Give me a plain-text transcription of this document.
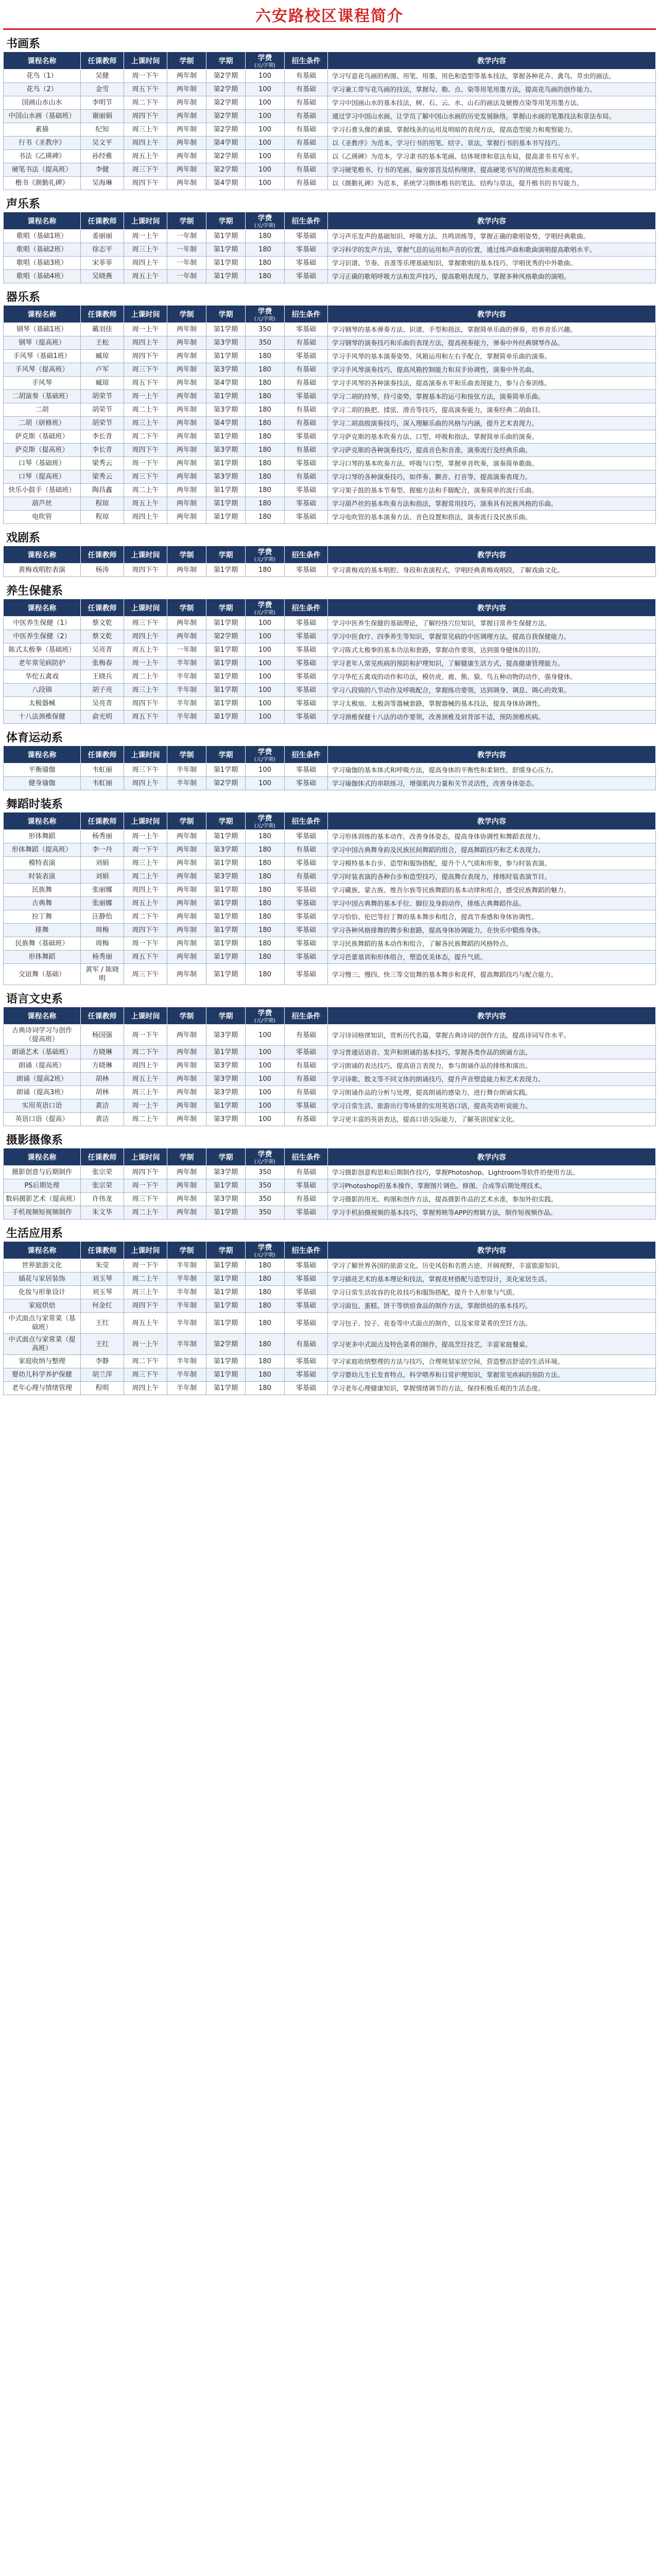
六安路校区课程简介
书画系
课程名称	任课教师	上课时间	学制	学期	学费
(元/学期)	招生条件	教学内容
花鸟（1）	吴健	周一下午	两年制	第2学期	100	有基础	学习写意花鸟画的构图、用笔、用墨、用色和造型等基本技法，掌握各种花卉、禽鸟、草虫的画法。
花鸟（2）	金雪	周五下午	两年制	第2学期	100	有基础	学习兼工带写花鸟画的技法，掌握勾、勒、点、染等用笔用墨方法，提高花鸟画的创作能力。
国画山水山水	李明节	周二下午	两年制	第2学期	100	有基础	学习中国画山水的基本技法，树、石、云、水、山石的画法及皴擦点染等用笔用墨方法。
中国山水画（基础班）	谢丽娟	周四下午	两年制	第2学期	100	有基础	通过学习中国山水画，让学员了解中国山水画的历史发展脉络，掌握山水画的笔墨技法和章法布局。
素描	纪知	周三上午	两年制	第2学期	100	有基础	学习石膏头像的素描，掌握线条的运用及明暗的表现方法，提高造型能力和观察能力。
行书《圣教序》	吴文平	周四上午	两年制	第4学期	100	有基础	以《圣教序》为范本，学习行书的用笔、结字、章法，掌握行书的基本书写技巧。
书法《乙瑛碑》	孙经雅	周五上午	两年制	第2学期	100	有基础	以《乙瑛碑》为范本，学习隶书的基本笔画、结体规律和章法布局，提高隶书书写水平。
硬笔书法（提高班）	李健	周三下午	两年制	第2学期	100	有基础	学习硬笔楷书、行书的笔画、偏旁部首及结构规律，提高硬笔书写的规范性和美观度。
楷书《颜勤礼碑》	吴海琳	周四下午	两年制	第4学期	100	有基础	以《颜勤礼碑》为范本，系统学习颜体楷书的笔法、结构与章法，提升楷书的书写能力。
声乐系
课程名称	任课教师	上课时间	学制	学期	学费
(元/学期)	招生条件	教学内容
歌唱（基础1班）	姜丽丽	周一上午	一年制	第1学期	180	零基础	学习声乐发声的基础知识、呼吸方法、共鸣训练等，掌握正确的歌唱姿势，学唱经典歌曲。
歌唱（基础2班）	徐志平	周三上午	一年制	第1学期	180	零基础	学习科学的发声方法，掌握气息的运用和声音的位置，通过练声曲和歌曲演唱提高歌唱水平。
歌唱（基础3班）	宋菲菲	周四上午	一年制	第1学期	180	零基础	学习识谱、节奏、音准等乐理基础知识，掌握歌唱的基本技巧，学唱优秀的中外歌曲。
歌唱（基础4班）	吴晓燕	周五上午	一年制	第1学期	180	零基础	学习正确的歌唱呼吸方法和发声技巧，提高歌唱表现力，掌握多种风格歌曲的演唱。
器乐系
课程名称	任课教师	上课时间	学制	学期	学费
(元/学期)	招生条件	教学内容
钢琴（基础1班）	戴羽佳	周一上午	两年制	第1学期	350	零基础	学习钢琴的基本弹奏方法、识谱、手型和指法，掌握简单乐曲的弹奏，培养音乐兴趣。
钢琴（提高班）	王松	周四上午	两年制	第3学期	350	有基础	学习钢琴的演奏技巧和乐曲的表现方法，提高视奏能力，弹奏中外经典钢琴作品。
手风琴（基础1班）	臧琼	周四下午	两年制	第1学期	180	零基础	学习手风琴的基本演奏姿势、风箱运用和左右手配合，掌握简单乐曲的演奏。
手风琴（提高班）	卢军	周三下午	两年制	第3学期	180	有基础	学习手风琴演奏技巧，提高风箱控制能力和双手协调性，演奏中外名曲。
手风琴	臧琼	周五下午	两年制	第4学期	180	有基础	学习手风琴的各种演奏技法，提高演奏水平和乐曲表现能力，参与合奏训练。
二胡演奏（基础班）	胡荣节	周一上午	两年制	第1学期	180	零基础	学习二胡的持琴、持弓姿势，掌握基本的运弓和按弦方法，演奏简单乐曲。
二胡	胡荣节	周二上午	两年制	第3学期	180	有基础	学习二胡的换把、揉弦、滑音等技巧，提高演奏能力，演奏经典二胡曲目。
二胡（研修班）	胡荣节	周三上午	两年制	第4学期	180	有基础	学习二胡高级演奏技巧，深入理解乐曲的风格与内涵，提升艺术表现力。
萨克斯（基础班）	李长青	周二下午	两年制	第1学期	180	零基础	学习萨克斯的基本吹奏方法、口型、呼吸和指法，掌握简单乐曲的演奏。
萨克斯（提高班）	李长青	周四下午	两年制	第3学期	180	有基础	学习萨克斯的各种演奏技巧，提高音色和音准，演奏流行及经典乐曲。
口琴（基础班）	梁秀云	周一下午	两年制	第1学期	180	零基础	学习口琴的基本吹奏方法、呼吸与口型，掌握单音吹奏，演奏简单歌曲。
口琴（提高班）	梁秀云	周三下午	两年制	第3学期	180	有基础	学习口琴的各种演奏技巧，如伴奏、颤音、打音等，提高演奏表现力。
快乐小鼓手（基础班）	陶昌鑫	周二上午	两年制	第1学期	180	零基础	学习架子鼓的基本节奏型、握槌方法和手脚配合，演奏简单的流行乐曲。
葫芦丝	程琼	周五上午	两年制	第1学期	180	零基础	学习葫芦丝的基本吹奏方法和指法，掌握常用技巧，演奏具有民族风格的乐曲。
电吹管	程琼	周四上午	两年制	第1学期	180	零基础	学习电吹管的基本演奏方法、音色设置和指法，演奏流行及民族乐曲。
戏剧系
课程名称	任课教师	上课时间	学制	学期	学费
(元/学期)	招生条件	教学内容
黄梅戏唱腔表演	杨涛	周四下午	两年制	第1学期	180	零基础	学习黄梅戏的基本唱腔、身段和表演程式，学唱经典黄梅戏唱段，了解戏曲文化。
养生保健系
课程名称	任课教师	上课时间	学制	学期	学费
(元/学期)	招生条件	教学内容
中医养生保健（1）	蔡文乾	周三下午	两年制	第1学期	100	零基础	学习中医养生保健的基础理论，了解经络穴位知识，掌握日常养生保健方法。
中医养生保健（2）	蔡文乾	周四上午	两年制	第2学期	100	零基础	学习中医食疗、四季养生等知识，掌握常见病的中医调理方法，提高自我保健能力。
陈式太极拳（基础班）	吴亮青	周五上午	一年制	第1学期	100	零基础	学习陈式太极拳的基本功法和套路，掌握动作要领，达到强身健体的目的。
老年常见病防护	张梅春	周一上午	半年制	第1学期	100	零基础	学习老年人常见疾病的预防和护理知识，了解健康生活方式，提高健康管理能力。
华佗五禽戏	王晓兵	周二上午	半年制	第1学期	100	零基础	学习华佗五禽戏的动作和功法，模仿虎、鹿、熊、猿、鸟五种动物的动作，强身健体。
八段锦	胡子亮	周三上午	半年制	第1学期	100	零基础	学习八段锦的八节动作及呼吸配合，掌握练功要领，达到调身、调息、调心的效果。
太极器械	吴亮青	周四下午	半年制	第1学期	100	零基础	学习太极扇、太极剑等器械套路，掌握器械的基本技法，提高身体协调性。
十八法颈椎保健	俞光明	周五下午	半年制	第1学期	100	零基础	学习颈椎保健十八法的动作要领，改善颈椎及肩背部不适，预防颈椎疾病。
体育运动系
课程名称	任课教师	上课时间	学制	学期	学费
(元/学期)	招生条件	教学内容
平衡瑜伽	韦虹丽	周三下午	半年制	第1学期	100	零基础	学习瑜伽的基本体式和呼吸方法，提高身体的平衡性和柔韧性，舒缓身心压力。
健身瑜伽	韦虹丽	周四上午	半年制	第2学期	100	零基础	学习瑜伽体式的串联练习，增强肌肉力量和关节灵活性，改善身体姿态。
舞蹈时装系
课程名称	任课教师	上课时间	学制	学期	学费
(元/学期)	招生条件	教学内容
形体舞蹈	杨秀丽	周一上午	两年制	第1学期	180	零基础	学习形体训练的基本动作，改善身体姿态，提高身体协调性和舞蹈表现力。
形体舞蹈（提高班）	李一丹	周一下午	两年制	第3学期	180	有基础	学习中国古典舞身韵及民族民间舞蹈的组合，提高舞蹈技巧和艺术表现力。
模特表演	刘娟	周三上午	两年制	第1学期	180	零基础	学习模特基本台步、造型和服饰搭配，提升个人气质和形象，参与时装表演。
时装表演	刘娟	周二上午	两年制	第3学期	180	有基础	学习时装表演的各种台步和造型技巧，提高舞台表现力，排练时装表演节目。
民族舞	张丽娜	周四上午	两年制	第1学期	180	零基础	学习藏族、蒙古族、维吾尔族等民族舞蹈的基本动律和组合，感受民族舞蹈的魅力。
古典舞	张丽娜	周五上午	两年制	第1学期	180	零基础	学习中国古典舞的基本手位、脚位及身韵动作，排练古典舞蹈作品。
拉丁舞	汪静怡	周二下午	两年制	第1学期	180	零基础	学习恰恰、伦巴等拉丁舞的基本舞步和组合，提高节奏感和身体协调性。
排舞	周梅	周四下午	两年制	第1学期	180	零基础	学习各种风格排舞的舞步和套路，提高身体协调能力，在快乐中锻炼身体。
民族舞（基础班）	周梅	周一下午	两年制	第1学期	180	零基础	学习民族舞蹈的基本动作和组合，了解各民族舞蹈的风格特点。
形体舞蹈	杨秀丽	周五下午	两年制	第1学期	180	零基础	学习芭蕾基训和形体组合，塑造优美体态，提升气质。
交谊舞（基础）	黄军 / 陈晓明	周三下午	两年制	第1学期	180	零基础	学习慢三、慢四、快三等交谊舞的基本舞步和花样，提高舞蹈技巧与配合能力。
语言文史系
课程名称	任课教师	上课时间	学制	学期	学费
(元/学期)	招生条件	教学内容
古典诗词学习与创作（提高班）	杨国强	周一下午	两年制	第3学期	100	有基础	学习诗词格律知识，赏析历代名篇，掌握古典诗词的创作方法，提高诗词写作水平。
朗诵艺术（基础班）	方晓琳	周二下午	两年制	第1学期	100	零基础	学习普通话语音、发声和朗诵的基本技巧，掌握各类作品的朗诵方法。
朗诵（提高班）	方晓琳	周四上午	两年制	第3学期	100	有基础	学习朗诵的表达技巧，提高语言表现力，参与朗诵作品的排练和演出。
朗诵（提高2班）	胡林	周五上午	两年制	第3学期	100	有基础	学习诗歌、散文等不同文体的朗诵技巧，提升声音塑造能力和艺术表现力。
朗诵（提高3班）	胡林	周三上午	两年制	第3学期	100	有基础	学习朗诵作品的分析与处理，提高朗诵的感染力，进行舞台朗诵实践。
实用英语口语	黄洁	周一上午	两年制	第1学期	100	零基础	学习日常生活、旅游出行等场景的实用英语口语，提高英语听说能力。
英语口语（提高）	黄洁	周二上午	两年制	第3学期	100	有基础	学习更丰富的英语表达，提高口语交际能力，了解英语国家文化。
摄影摄像系
课程名称	任课教师	上课时间	学制	学期	学费
(元/学期)	招生条件	教学内容
摄影创意与后期制作	张宗荣	周四下午	两年制	第3学期	350	有基础	学习摄影创意构思和后期制作技巧，掌握Photoshop、Lightroom等软件的使用方法。
PS后期处理	张宗荣	周一下午	两年制	第1学期	350	零基础	学习Photoshop的基本操作，掌握图片调色、修图、合成等后期处理技术。
数码摄影艺术（提高班）	许伟龙	周三下午	两年制	第3学期	350	有基础	学习摄影的用光、构图和创作方法，提高摄影作品的艺术水准，参加外拍实践。
手机视频短视频制作	朱文华	周二上午	两年制	第1学期	350	零基础	学习手机拍摄视频的基本技巧，掌握剪映等APP的剪辑方法，制作短视频作品。
生活应用系
课程名称	任课教师	上课时间	学制	学期	学费
(元/学期)	招生条件	教学内容
世界旅游文化	朱莹	周一下午	半年制	第1学期	180	零基础	学习了解世界各国的旅游文化、历史风俗和名胜古迹，开阔视野，丰富旅游知识。
插花与家居装饰	刘玉琴	周二上午	半年制	第1学期	180	零基础	学习插花艺术的基本理论和技法，掌握花材搭配与造型设计，美化家居生活。
化妆与形象设计	刘玉琴	周三上午	半年制	第1学期	180	零基础	学习日常生活妆容的化妆技巧和服饰搭配，提升个人形象与气质。
家庭烘焙	何金红	周四下午	半年制	第1学期	180	零基础	学习面包、蛋糕、饼干等烘焙食品的制作方法，掌握烘焙的基本技巧。
中式面点与家常菜（基础班）	王红	周五上午	半年制	第1学期	180	零基础	学习包子、饺子、花卷等中式面点的制作，以及家常菜肴的烹饪方法。
中式面点与家常菜（提高班）	王红	周一上午	半年制	第2学期	180	有基础	学习更多中式面点及特色菜肴的制作，提高烹饪技艺，丰富家庭餐桌。
家庭收纳与整理	李静	周二下午	半年制	第1学期	180	零基础	学习家庭收纳整理的方法与技巧，合理规划家居空间，营造整洁舒适的生活环境。
婴幼儿科学养护保健	胡兰萍	周三下午	半年制	第1学期	180	零基础	学习婴幼儿生长发育特点、科学喂养和日常护理知识，掌握常见疾病的预防方法。
老年心理与情绪管理	程明	周四上午	半年制	第1学期	180	零基础	学习老年心理健康知识，掌握情绪调节的方法，保持积极乐观的生活态度。
